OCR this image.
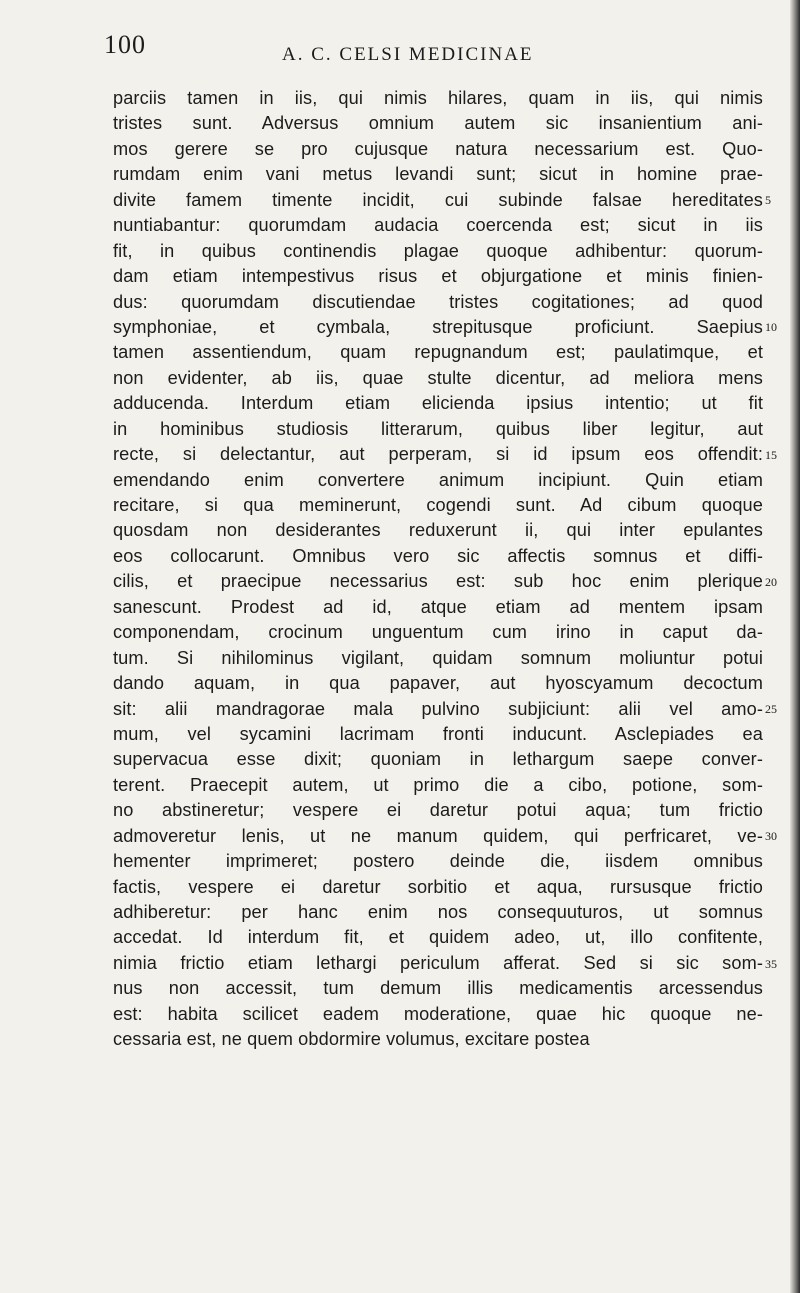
100	A. C. CELSI MEDICINAE
parciis tamen in iis, qui nimis hilares, quam in iis, qui nimis
tristes sunt. Adversus omnium autem sic insanientium ani-
mos gerere se pro cujusque natura necessarium est. Quo-
rumdam enim vani metus levandi sunt; sicut in homine prae-
divite famem timente incidit, cui subinde falsae hereditates
nuntiabantur: quorumdam audacia coercenda est; sicut in iis
fit, in quibus continendis plagae quoque adhibentur: quorum-
dam etiam intempestivus risus et objurgatione et minis finien-
dus: quorumdam discutiendae tristes cogitationes; ad quod
symphoniae, et cymbala, strepitusque proficiunt. Saepius
tamen assentiendum, quam repugnandum est; paulatimque, et
non evidenter, ab iis, quae stulte dicentur, ad meliora mens
adducenda. Interdum etiam elicienda ipsius intentio; ut fit
in hominibus studiosis litterarum, quibus liber legitur, aut
recte, si delectantur, aut perperam, si id ipsum eos offendit:
emendando enim convertere animum incipiunt. Quin etiam
recitare, si qua meminerunt, cogendi sunt. Ad cibum quoque
quosdam non desiderantes reduxerunt ii, qui inter epulantes
eos collocarunt. Omnibus vero sic affectis somnus et diffi-
cilis, et praecipue necessarius est: sub hoc enim plerique
sanescunt. Prodest ad id, atque etiam ad mentem ipsam
componendam, crocinum unguentum cum irino in caput da-
tum. Si nihilominus vigilant, quidam somnum moliuntur potui
dando aquam, in qua papaver, aut hyoscyamum decoctum
sit: alii mandragorae mala pulvino subjiciunt: alii vel amo-
mum, vel sycamini lacrimam fronti inducunt. Asclepiades ea
supervacua esse dixit; quoniam in lethargum saepe conver-
terent. Praecepit autem, ut primo die a cibo, potione, som-
no abstineretur; vespere ei daretur potui aqua; tum frictio
admoveretur lenis, ut ne manum quidem, qui perfricaret, ve-
hementer imprimeret; postero deinde die, iisdem omnibus
factis, vespere ei daretur sorbitio et aqua, rursusque frictio
adhiberetur: per hanc enim nos consequuturos, ut somnus
accedat. Id interdum fit, et quidem adeo, ut, illo confitente,
nimia frictio etiam lethargi periculum afferat. Sed si sic som-
nus non accessit, tum demum illis medicamentis arcessendus
est: habita scilicet eadem moderatione, quae hic quoque ne-
cessaria est, ne quem obdormire volumus, excitare postea
5
10
15
20
25
30
35
